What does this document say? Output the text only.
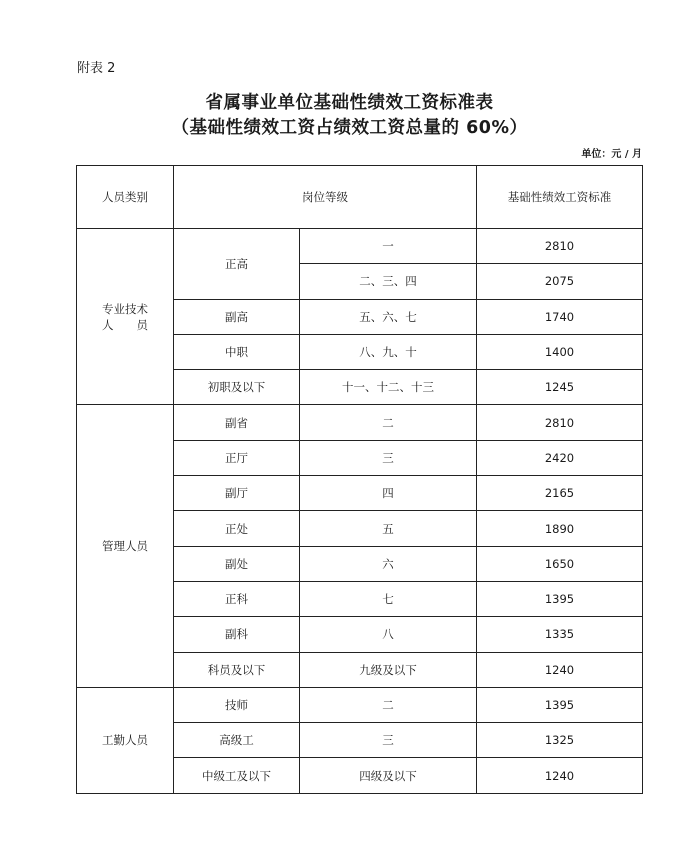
附表 2
省属事业单位基础性绩效工资标准表
（基础性绩效工资占绩效工资总量的 60%）
单位：元 / 月
人员类别	岗位等级		基础性绩效工资标准
专业技术
人　　员	正高	一	2810
		二、三、四	2075
	副高	五、六、七	1740
	中职	八、九、十	1400
	初职及以下	十一、十二、十三	1245
管理人员	副省	二	2810
	正厅	三	2420
	副厅	四	2165
	正处	五	1890
	副处	六	1650
	正科	七	1395
	副科	八	1335
	科员及以下	九级及以下	1240
工勤人员	技师	二	1395
	高级工	三	1325
	中级工及以下	四级及以下	1240
